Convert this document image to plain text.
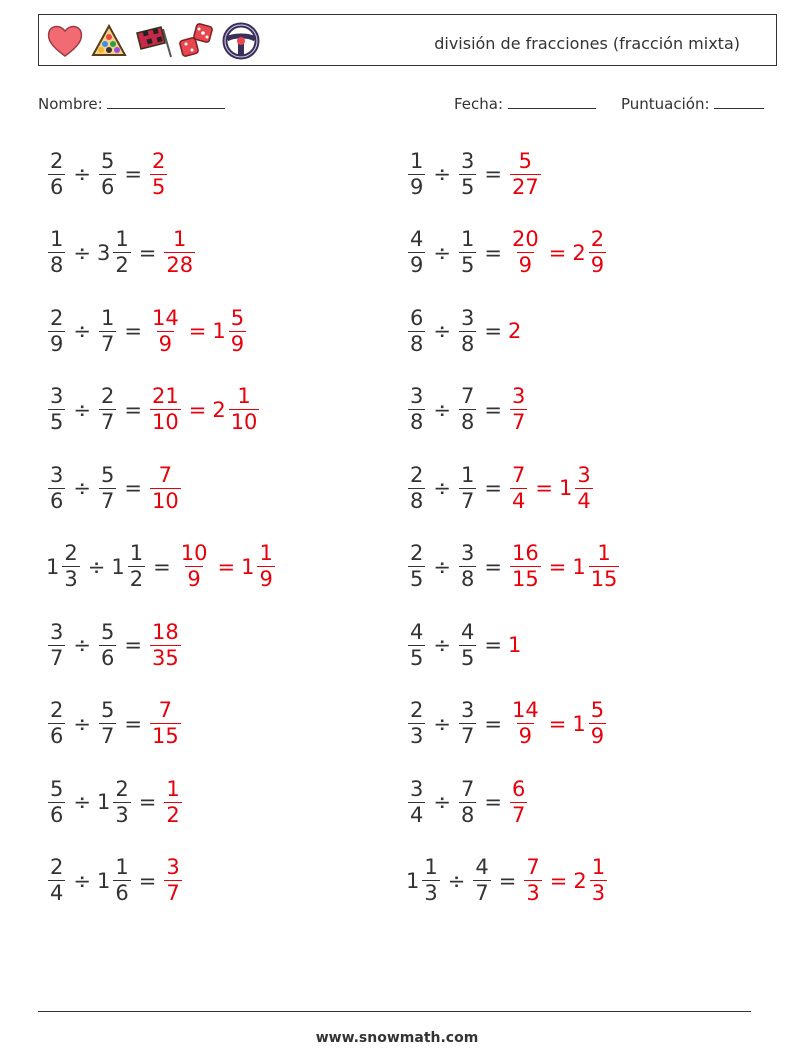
división de fracciones (fracción mixta)
Nombre:	Fecha:	Puntuación:
$\frac{2}{6} \div \frac{5}{6} = \frac{2}{5}$	$\frac{1}{9} \div \frac{3}{5} = \frac{5}{27}$
$\frac{1}{8} \div 3 \frac{1}{2} = \frac{1}{28}$	$\frac{4}{9} \div \frac{1}{5} = \frac{20}{9} = 2 \frac{2}{9}$
$\frac{2}{9} \div \frac{1}{7} = \frac{14}{9} = 1 \frac{5}{9}$	$\frac{6}{8} \div \frac{3}{8} = 2$
$\frac{3}{5} \div \frac{2}{7} = \frac{21}{10} = 2 \frac{1}{10}$	$\frac{3}{8} \div \frac{7}{8} = \frac{3}{7}$
$\frac{3}{6} \div \frac{5}{7} = \frac{7}{10}$	$\frac{2}{8} \div \frac{1}{7} = \frac{7}{4} = 1 \frac{3}{4}$
$1 \frac{2}{3} \div 1 \frac{1}{2} = \frac{10}{9} = 1 \frac{1}{9}$	$\frac{2}{5} \div \frac{3}{8} = \frac{16}{15} = 1 \frac{1}{15}$
$\frac{3}{7} \div \frac{5}{6} = \frac{18}{35}$	$\frac{4}{5} \div \frac{4}{5} = 1$
$\frac{2}{6} \div \frac{5}{7} = \frac{7}{15}$	$\frac{2}{3} \div \frac{3}{7} = \frac{14}{9} = 1 \frac{5}{9}$
$\frac{5}{6} \div 1 \frac{2}{3} = \frac{1}{2}$	$\frac{3}{4} \div \frac{7}{8} = \frac{6}{7}$
$\frac{2}{4} \div 1 \frac{1}{6} = \frac{3}{7}$	$1 \frac{1}{3} \div \frac{4}{7} = \frac{7}{3} = 2 \frac{1}{3}$
www.snowmath.com
